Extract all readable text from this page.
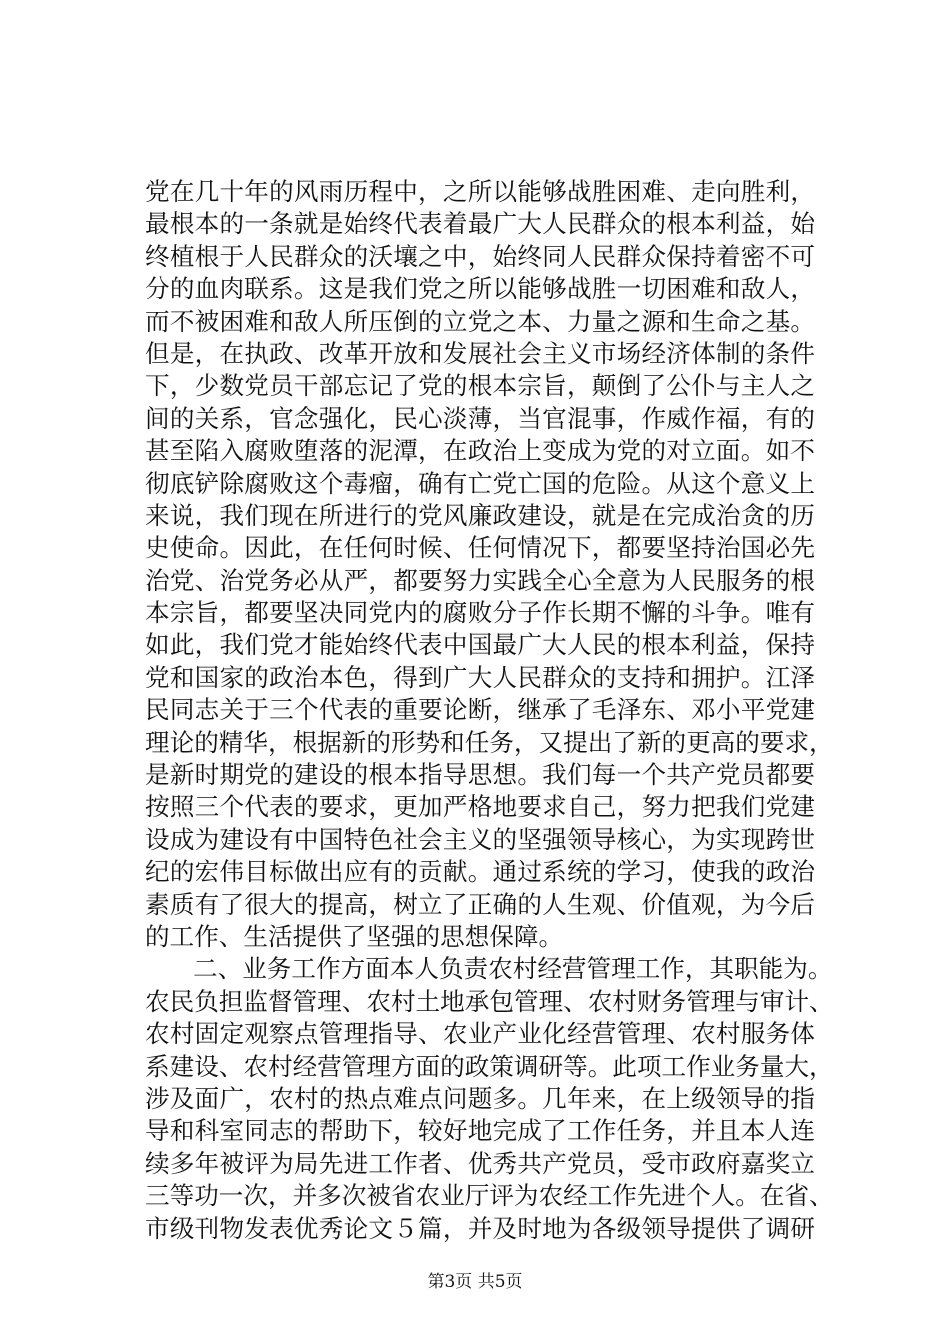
党在几十年的风雨历程中，之所以能够战胜困难、走向胜利，
最根本的一条就是始终代表着最广大人民群众的根本利益，始
终植根于人民群众的沃壤之中，始终同人民群众保持着密不可
分的血肉联系。这是我们党之所以能够战胜一切困难和敌人，
而不被困难和敌人所压倒的立党之本、力量之源和生命之基。
但是，在执政、改革开放和发展社会主义市场经济体制的条件
下，少数党员干部忘记了党的根本宗旨，颠倒了公仆与主人之
间的关系，官念强化，民心淡薄，当官混事，作威作福，有的
甚至陷入腐败堕落的泥潭，在政治上变成为党的对立面。如不
彻底铲除腐败这个毒瘤，确有亡党亡国的危险。从这个意义上
来说，我们现在所进行的党风廉政建设，就是在完成治贪的历
史使命。因此，在任何时候、任何情况下，都要坚持治国必先
治党、治党务必从严，都要努力实践全心全意为人民服务的根
本宗旨，都要坚决同党内的腐败分子作长期不懈的斗争。唯有
如此，我们党才能始终代表中国最广大人民的根本利益，保持
党和国家的政治本色，得到广大人民群众的支持和拥护。江泽
民同志关于三个代表的重要论断，继承了毛泽东、邓小平党建
理论的精华，根据新的形势和任务，又提出了新的更高的要求，
是新时期党的建设的根本指导思想。我们每一个共产党员都要
按照三个代表的要求，更加严格地要求自己，努力把我们党建
设成为建设有中国特色社会主义的坚强领导核心，为实现跨世
纪的宏伟目标做出应有的贡献。通过系统的学习，使我的政治
素质有了很大的提高，树立了正确的人生观、价值观，为今后
的工作、生活提供了坚强的思想保障。
二、业务工作方面本人负责农村经营管理工作，其职能为。
农民负担监督管理、农村土地承包管理、农村财务管理与审计、
农村固定观察点管理指导、农业产业化经营管理、农村服务体
系建设、农村经营管理方面的政策调研等。此项工作业务量大，
涉及面广，农村的热点难点问题多。几年来，在上级领导的指
导和科室同志的帮助下，较好地完成了工作任务，并且本人连
续多年被评为局先进工作者、优秀共产党员，受市政府嘉奖立
三等功一次，并多次被省农业厅评为农经工作先进个人。在省、
市级刊物发表优秀论文５篇，并及时地为各级领导提供了调研
第3页 共5页
